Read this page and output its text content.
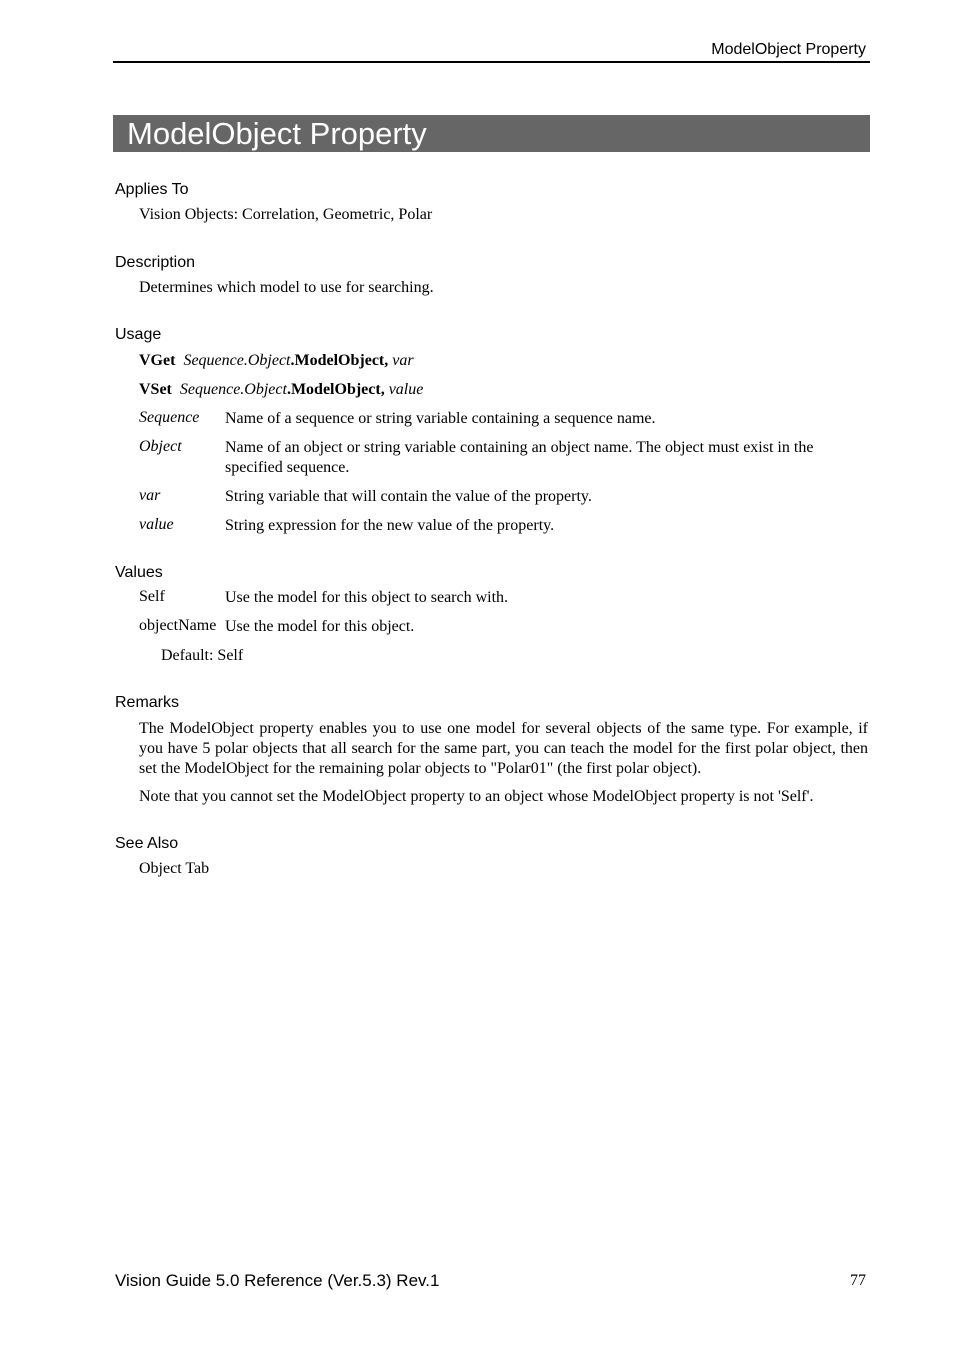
ModelObject Property
ModelObject Property
Applies To
Vision Objects: Correlation, Geometric, Polar
Description
Determines which model to use for searching.
Usage
VGet Sequence.Object.ModelObject, var
VSet Sequence.Object.ModelObject, value
Sequence Name of a sequence or string variable containing a sequence name.
Object	Name of an object or string variable containing an object name. The object must exist in the specified sequence.
var	String variable that will contain the value of the property.
value	String expression for the new value of the property.
Values
Self	Use the model for this object to search with.
objectName Use the model for this object.
Default: Self
Remarks
The ModelObject property enables you to use one model for several objects of the same type. For example, if you have 5 polar objects that all search for the same part, you can teach the model for the first polar object, then set the ModelObject for the remaining polar objects to "Polar01" (the first polar object).
Note that you cannot set the ModelObject property to an object whose ModelObject property is not 'Self'.
See Also
Object Tab
Vision Guide 5.0 Reference (Ver.5.3) Rev.1	77
